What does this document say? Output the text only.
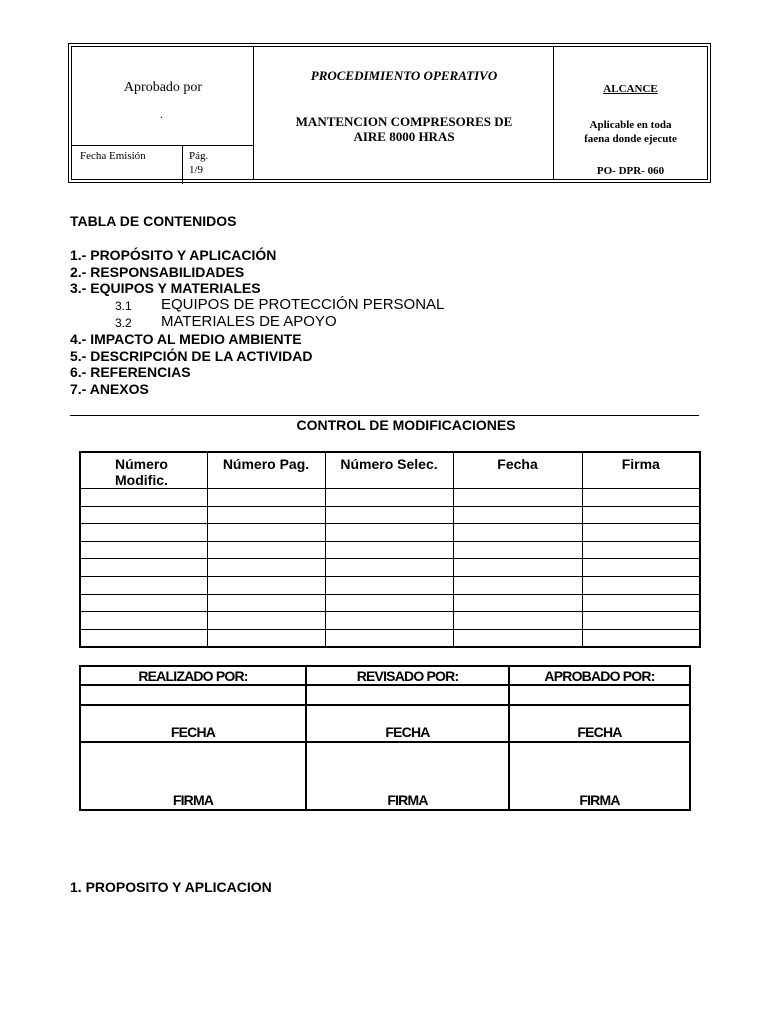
Aprobado por
.
Fecha Emisión	Pág.
1/9
PROCEDIMIENTO OPERATIVO
MANTENCION COMPRESORES DE
AIRE 8000 HRAS
ALCANCE
Aplicable en toda
faena donde ejecute
PO- DPR- 060
TABLA DE CONTENIDOS
1.- PROPÓSITO Y APLICACIÓN
2.- RESPONSABILIDADES
3.- EQUIPOS Y MATERIALES
3.1 EQUIPOS DE PROTECCIÓN PERSONAL
3.2 MATERIALES DE APOYO
4.- IMPACTO AL MEDIO AMBIENTE
5.- DESCRIPCIÓN DE LA ACTIVIDAD
6.- REFERENCIAS
7.- ANEXOS
CONTROL DE MODIFICACIONES
Número
Modific.	Número Pag.	Número Selec.	Fecha	Firma

REALIZADO POR:	REVISADO POR:	APROBADO POR:

FECHA	FECHA	FECHA
FIRMA	FIRMA	FIRMA
1. PROPOSITO Y APLICACION
